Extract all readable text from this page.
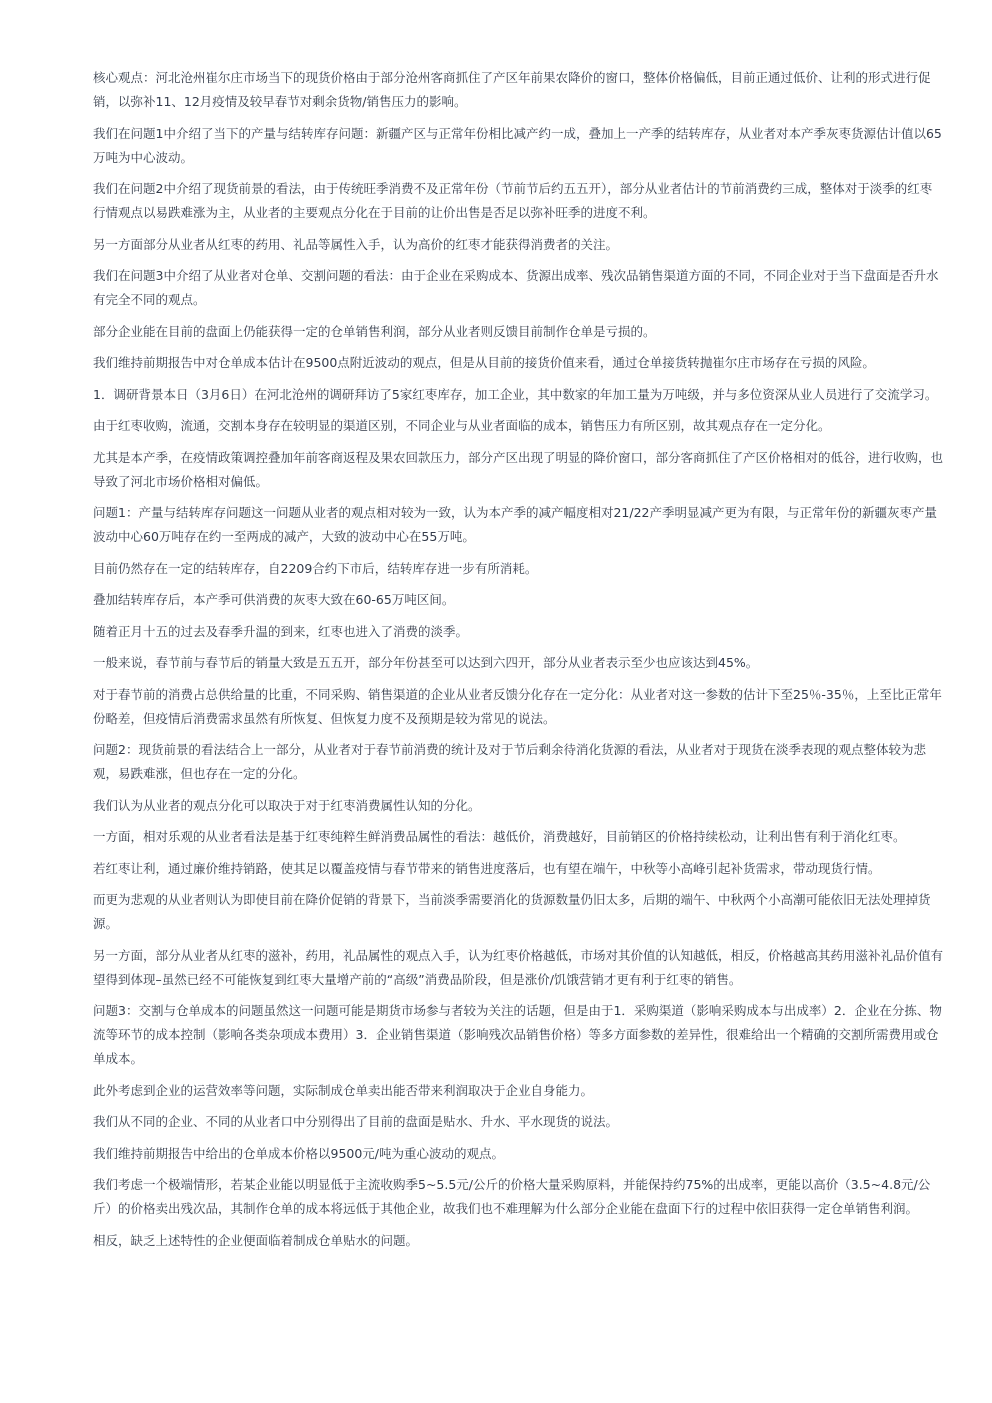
核心观点：河北沧州崔尔庄市场当下的现货价格由于部分沧州客商抓住了产区年前果农降价的窗口，整体价格偏低，目前正通过低价、让利的形式进行促销，以弥补11、12月疫情及较早春节对剩余货物/销售压力的影响。

我们在问题1中介绍了当下的产量与结转库存问题：新疆产区与正常年份相比减产约一成，叠加上一产季的结转库存，从业者对本产季灰枣货源估计值以65万吨为中心波动。

我们在问题2中介绍了现货前景的看法，由于传统旺季消费不及正常年份（节前节后约五五开），部分从业者估计的节前消费约三成，整体对于淡季的红枣行情观点以易跌难涨为主，从业者的主要观点分化在于目前的让价出售是否足以弥补旺季的进度不利。

另一方面部分从业者从红枣的药用、礼品等属性入手，认为高价的红枣才能获得消费者的关注。

我们在问题3中介绍了从业者对仓单、交割问题的看法：由于企业在采购成本、货源出成率、残次品销售渠道方面的不同，不同企业对于当下盘面是否升水有完全不同的观点。

部分企业能在目前的盘面上仍能获得一定的仓单销售利润，部分从业者则反馈目前制作仓单是亏损的。

我们维持前期报告中对仓单成本估计在9500点附近波动的观点，但是从目前的接货价值来看，通过仓单接货转抛崔尔庄市场存在亏损的风险。

1．调研背景本日（3月6日）在河北沧州的调研拜访了5家红枣库存，加工企业，其中数家的年加工量为万吨级，并与多位资深从业人员进行了交流学习。

由于红枣收购，流通，交割本身存在较明显的渠道区别，不同企业与从业者面临的成本，销售压力有所区别，故其观点存在一定分化。

尤其是本产季，在疫情政策调控叠加年前客商返程及果农回款压力，部分产区出现了明显的降价窗口，部分客商抓住了产区价格相对的低谷，进行收购，也导致了河北市场价格相对偏低。

问题1：产量与结转库存问题这一问题从业者的观点相对较为一致，认为本产季的减产幅度相对21/22产季明显减产更为有限，与正常年份的新疆灰枣产量波动中心60万吨存在约一至两成的减产，大致的波动中心在55万吨。

目前仍然存在一定的结转库存，自2209合约下市后，结转库存进一步有所消耗。

叠加结转库存后，本产季可供消费的灰枣大致在60-65万吨区间。

随着正月十五的过去及春季升温的到来，红枣也进入了消费的淡季。

一般来说，春节前与春节后的销量大致是五五开，部分年份甚至可以达到六四开，部分从业者表示至少也应该达到45%。

对于春节前的消费占总供给量的比重，不同采购、销售渠道的企业从业者反馈分化存在一定分化：从业者对这一参数的估计下至25％-35％，上至比正常年份略差，但疫情后消费需求虽然有所恢复、但恢复力度不及预期是较为常见的说法。

问题2：现货前景的看法结合上一部分，从业者对于春节前消费的统计及对于节后剩余待消化货源的看法，从业者对于现货在淡季表现的观点整体较为悲观，易跌难涨，但也存在一定的分化。

我们认为从业者的观点分化可以取决于对于红枣消费属性认知的分化。

一方面，相对乐观的从业者看法是基于红枣纯粹生鲜消费品属性的看法：越低价，消费越好，目前销区的价格持续松动，让利出售有利于消化红枣。

若红枣让利，通过廉价维持销路，使其足以覆盖疫情与春节带来的销售进度落后，也有望在端午，中秋等小高峰引起补货需求，带动现货行情。

而更为悲观的从业者则认为即使目前在降价促销的背景下，当前淡季需要消化的货源数量仍旧太多，后期的端午、中秋两个小高潮可能依旧无法处理掉货源。

另一方面，部分从业者从红枣的滋补，药用，礼品属性的观点入手，认为红枣价格越低，市场对其价值的认知越低，相反，价格越高其药用滋补礼品价值有望得到体现–虽然已经不可能恢复到红枣大量增产前的“高级”消费品阶段，但是涨价/饥饿营销才更有利于红枣的销售。

问题3：交割与仓单成本的问题虽然这一问题可能是期货市场参与者较为关注的话题，但是由于1．采购渠道（影响采购成本与出成率）2．企业在分拣、物流等环节的成本控制（影响各类杂项成本费用）3．企业销售渠道（影响残次品销售价格）等多方面参数的差异性，很难给出一个精确的交割所需费用或仓单成本。

此外考虑到企业的运营效率等问题，实际制成仓单卖出能否带来利润取决于企业自身能力。

我们从不同的企业、不同的从业者口中分别得出了目前的盘面是贴水、升水、平水现货的说法。

我们维持前期报告中给出的仓单成本价格以9500元/吨为重心波动的观点。

我们考虑一个极端情形，若某企业能以明显低于主流收购季5~5.5元/公斤的价格大量采购原料，并能保持约75%的出成率，更能以高价（3.5~4.8元/公斤）的价格卖出残次品，其制作仓单的成本将远低于其他企业，故我们也不难理解为什么部分企业能在盘面下行的过程中依旧获得一定仓单销售利润。

相反，缺乏上述特性的企业便面临着制成仓单贴水的问题。
